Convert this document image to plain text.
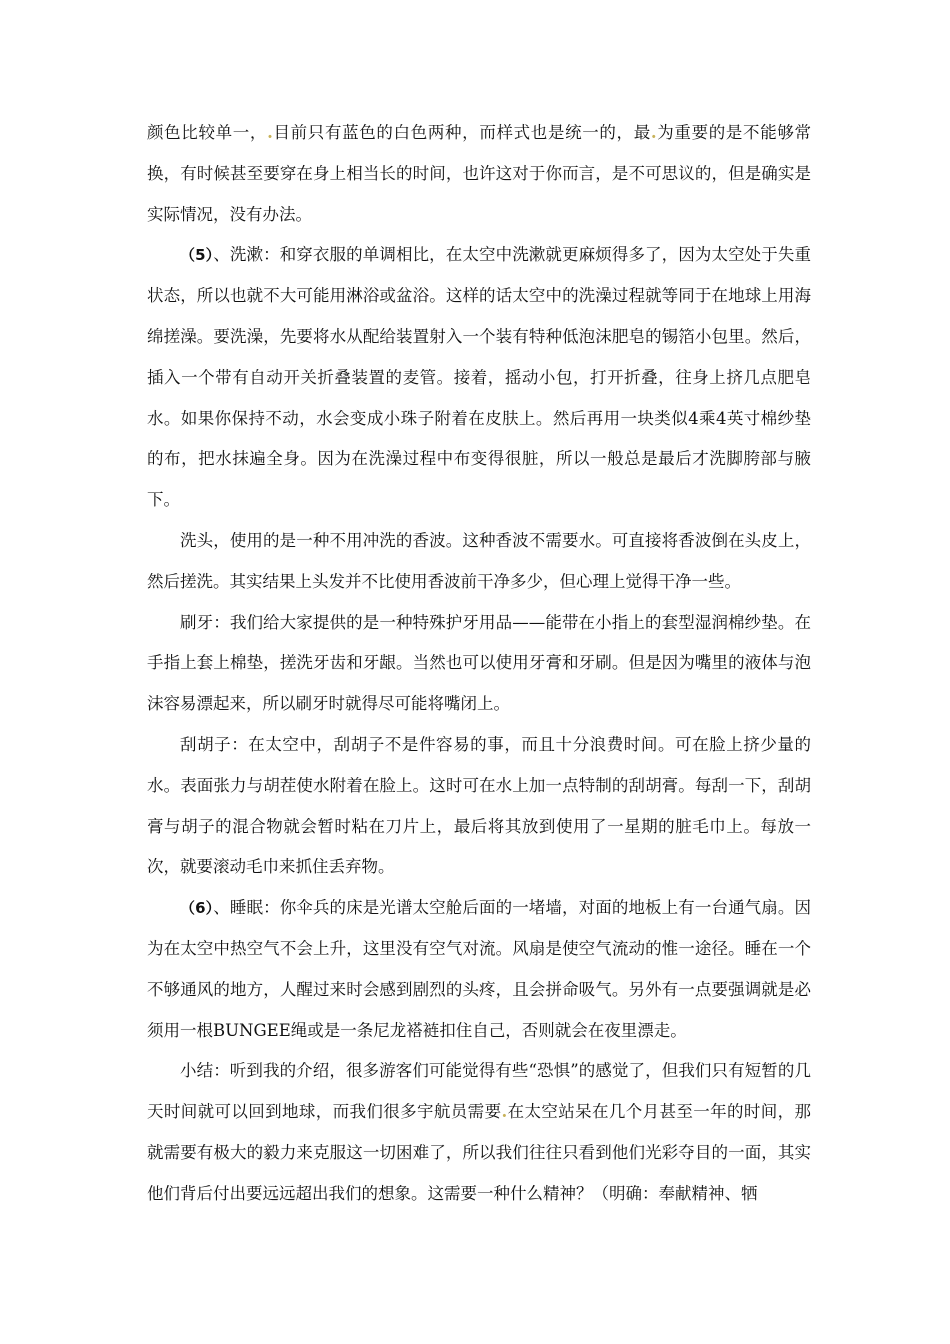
颜色比较单一，.目前只有蓝色的白色两种，而样式也是统一的，最.为重要的是不能够常换，有时候甚至要穿在身上相当长的时间，也许这对于你而言，是不可思议的，但是确实是实际情况，没有办法。

（5）、洗漱：和穿衣服的单调相比，在太空中洗漱就更麻烦得多了，因为太空处于失重状态，所以也就不大可能用淋浴或盆浴。这样的话太空中的洗澡过程就等同于在地球上用海绵搓澡。要洗澡，先要将水从配给装置射入一个装有特种低泡沫肥皂的锡箔小包里。然后，插入一个带有自动开关折叠装置的麦管。接着，摇动小包，打开折叠，往身上挤几点肥皂水。如果你保持不动，水会变成小珠子附着在皮肤上。然后再用一块类似4乘4英寸棉纱垫的布，把水抹遍全身。因为在洗澡过程中布变得很脏，所以一般总是最后才洗脚胯部与腋下。

洗头，使用的是一种不用冲洗的香波。这种香波不需要水。可直接将香波倒在头皮上，然后搓洗。其实结果上头发并不比使用香波前干净多少，但心理上觉得干净一些。

刷牙：我们给大家提供的是一种特殊护牙用品——能带在小指上的套型湿润棉纱垫。在手指上套上棉垫，搓洗牙齿和牙龈。当然也可以使用牙膏和牙刷。但是因为嘴里的液体与泡沫容易漂起来，所以刷牙时就得尽可能将嘴闭上。

刮胡子：在太空中，刮胡子不是件容易的事，而且十分浪费时间。可在脸上挤少量的水。表面张力与胡茬使水附着在脸上。这时可在水上加一点特制的刮胡膏。每刮一下，刮胡膏与胡子的混合物就会暂时粘在刀片上，最后将其放到使用了一星期的脏毛巾上。每放一次，就要滚动毛巾来抓住丢弃物。

（6）、睡眠：你伞兵的床是光谱太空舱后面的一堵墙，对面的地板上有一台通气扇。因为在太空中热空气不会上升，这里没有空气对流。风扇是使空气流动的惟一途径。睡在一个不够通风的地方，人醒过来时会感到剧烈的头疼，且会拼命吸气。另外有一点要强调就是必须用一根BUNGEE绳或是一条尼龙褡裢扣住自己，否则就会在夜里漂走。

小结：听到我的介绍，很多游客们可能觉得有些“恐惧”的感觉了，但我们只有短暂的几天时间就可以回到地球，而我们很多宇航员需要.在太空站呆在几个月甚至一年的时间，那就需要有极大的毅力来克服这一切困难了，所以我们往往只看到他们光彩夺目的一面，其实他们背后付出要远远超出我们的想象。这需要一种什么精神？（明确：奉献精神、牺
